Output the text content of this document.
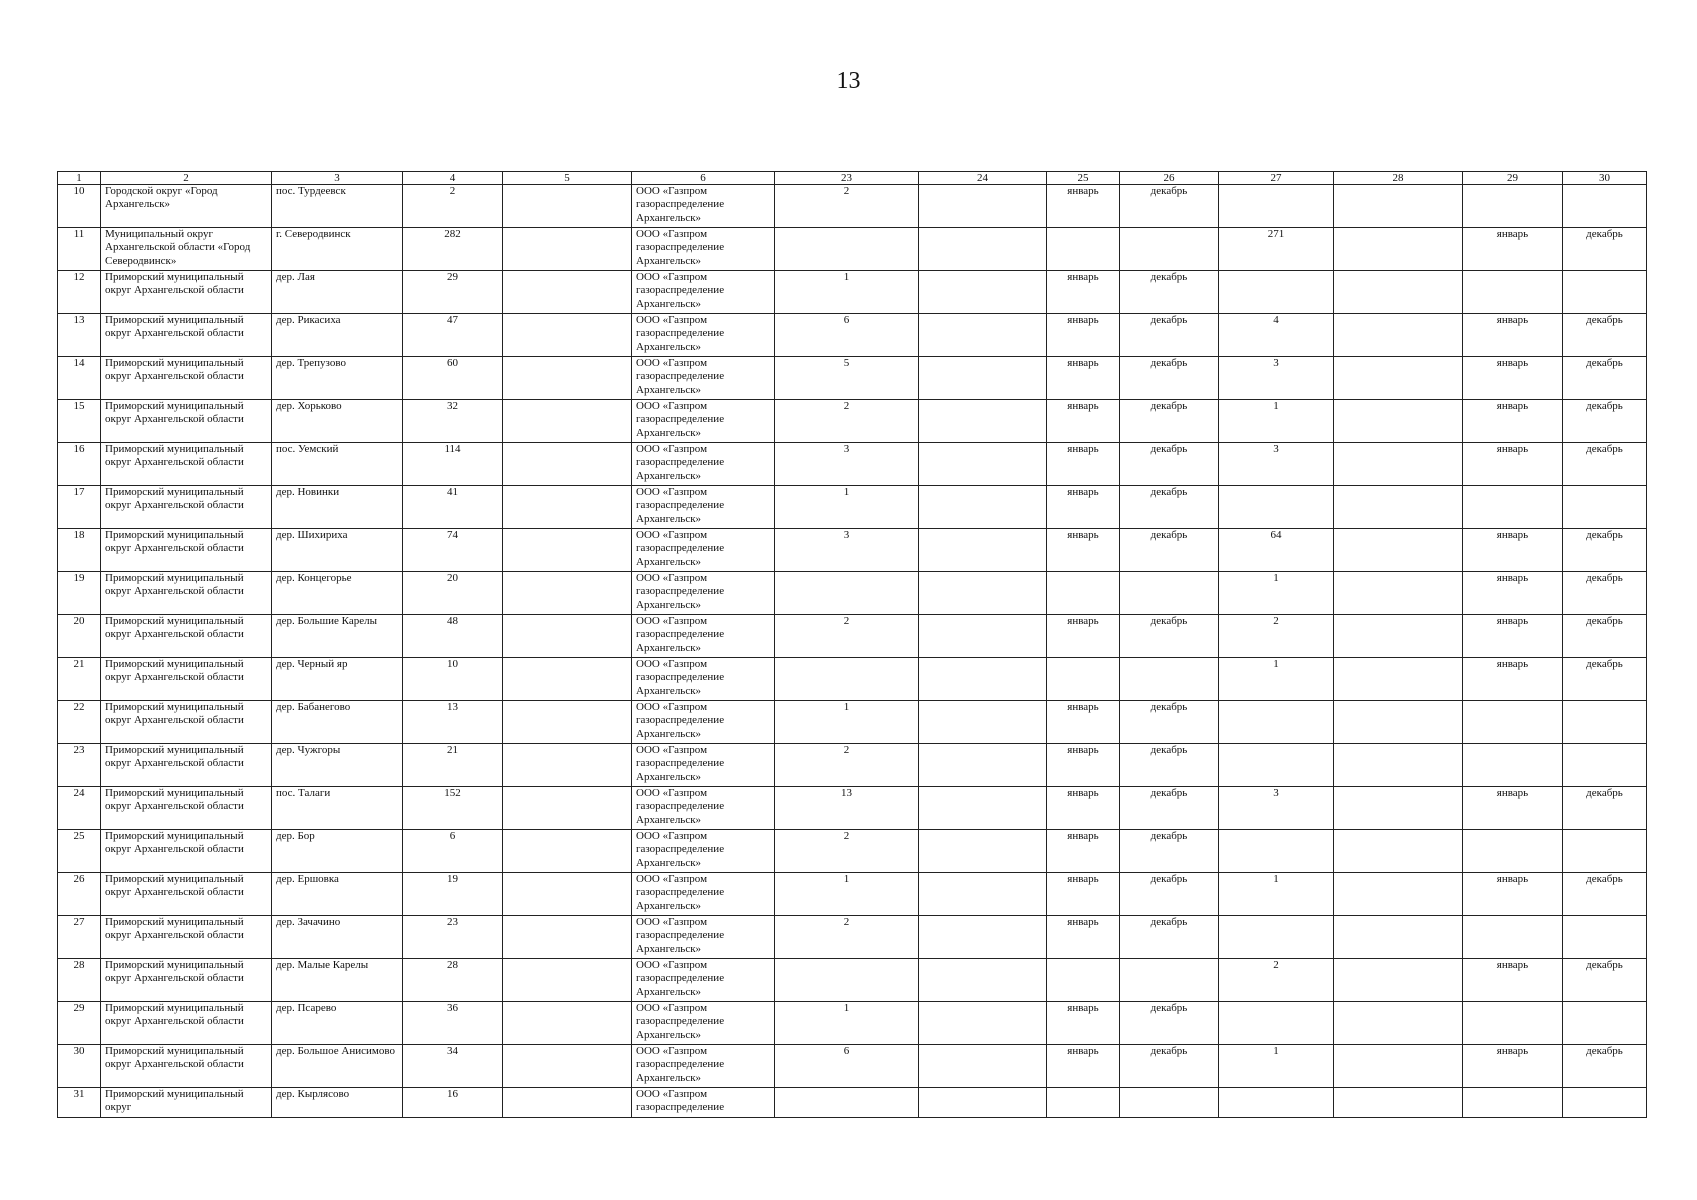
13
1	2	3	4	5	6	23	24	25	26	27	28	29	30
10	Городской округ «Город Архангельск»	пос. Турдеевск	2		ООО «Газпром газораспределение Архангельск»	2		январь	декабрь				
11	Муниципальный округ Архангельской области «Город Северодвинск»	г. Северодвинск	282		ООО «Газпром газораспределение Архангельск»					271		январь	декабрь
12	Приморский муниципальный округ Архангельской области	дер. Лая	29		ООО «Газпром газораспределение Архангельск»	1		январь	декабрь				
13	Приморский муниципальный округ Архангельской области	дер. Рикасиха	47		ООО «Газпром газораспределение Архангельск»	6		январь	декабрь	4		январь	декабрь
14	Приморский муниципальный округ Архангельской области	дер. Трепузово	60		ООО «Газпром газораспределение Архангельск»	5		январь	декабрь	3		январь	декабрь
15	Приморский муниципальный округ Архангельской области	дер. Хорьково	32		ООО «Газпром газораспределение Архангельск»	2		январь	декабрь	1		январь	декабрь
16	Приморский муниципальный округ Архангельской области	пос. Уемский	114		ООО «Газпром газораспределение Архангельск»	3		январь	декабрь	3		январь	декабрь
17	Приморский муниципальный округ Архангельской области	дер. Новинки	41		ООО «Газпром газораспределение Архангельск»	1		январь	декабрь				
18	Приморский муниципальный округ Архангельской области	дер. Шихириха	74		ООО «Газпром газораспределение Архангельск»	3		январь	декабрь	64		январь	декабрь
19	Приморский муниципальный округ Архангельской области	дер. Концегорье	20		ООО «Газпром газораспределение Архангельск»					1		январь	декабрь
20	Приморский муниципальный округ Архангельской области	дер. Большие Карелы	48		ООО «Газпром газораспределение Архангельск»	2		январь	декабрь	2		январь	декабрь
21	Приморский муниципальный округ Архангельской области	дер. Черный яр	10		ООО «Газпром газораспределение Архангельск»					1		январь	декабрь
22	Приморский муниципальный округ Архангельской области	дер. Бабанегово	13		ООО «Газпром газораспределение Архангельск»	1		январь	декабрь				
23	Приморский муниципальный округ Архангельской области	дер. Чужгоры	21		ООО «Газпром газораспределение Архангельск»	2		январь	декабрь				
24	Приморский муниципальный округ Архангельской области	пос. Талаги	152		ООО «Газпром газораспределение Архангельск»	13		январь	декабрь	3		январь	декабрь
25	Приморский муниципальный округ Архангельской области	дер. Бор	6		ООО «Газпром газораспределение Архангельск»	2		январь	декабрь				
26	Приморский муниципальный округ Архангельской области	дер. Ершовка	19		ООО «Газпром газораспределение Архангельск»	1		январь	декабрь	1		январь	декабрь
27	Приморский муниципальный округ Архангельской области	дер. Зачачино	23		ООО «Газпром газораспределение Архангельск»	2		январь	декабрь				
28	Приморский муниципальный округ Архангельской области	дер. Малые Карелы	28		ООО «Газпром газораспределение Архангельск»					2		январь	декабрь
29	Приморский муниципальный округ Архангельской области	дер. Псарево	36		ООО «Газпром газораспределение Архангельск»	1		январь	декабрь				
30	Приморский муниципальный округ Архангельской области	дер. Большое Анисимово	34		ООО «Газпром газораспределение Архангельск»	6		январь	декабрь	1		январь	декабрь
31	Приморский муниципальный округ	дер. Кырлясово	16		ООО «Газпром газораспределение								
